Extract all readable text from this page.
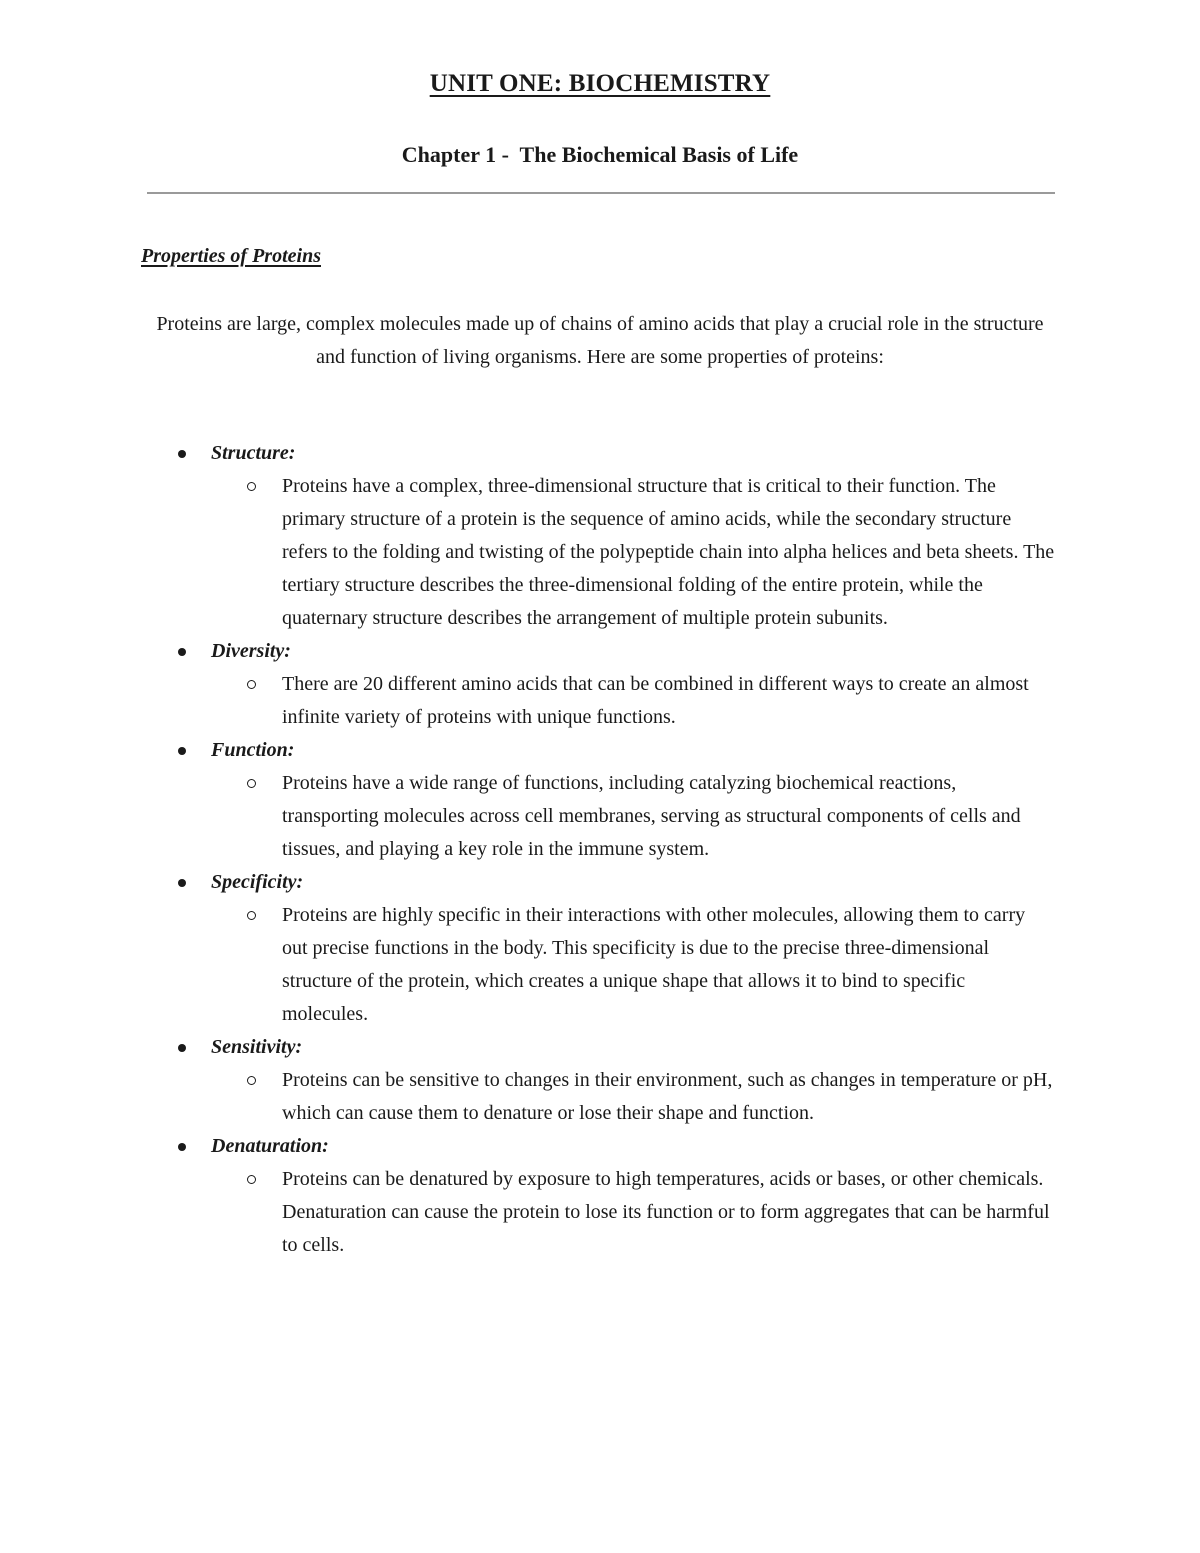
UNIT ONE: BIOCHEMISTRY
Chapter 1 -  The Biochemical Basis of Life
Properties of Proteins
Proteins are large, complex molecules made up of chains of amino acids that play a crucial role in the structure and function of living organisms. Here are some properties of proteins:
Structure:
Proteins have a complex, three-dimensional structure that is critical to their function. The primary structure of a protein is the sequence of amino acids, while the secondary structure refers to the folding and twisting of the polypeptide chain into alpha helices and beta sheets. The tertiary structure describes the three-dimensional folding of the entire protein, while the quaternary structure describes the arrangement of multiple protein subunits.
Diversity:
There are 20 different amino acids that can be combined in different ways to create an almost infinite variety of proteins with unique functions.
Function:
Proteins have a wide range of functions, including catalyzing biochemical reactions, transporting molecules across cell membranes, serving as structural components of cells and tissues, and playing a key role in the immune system.
Specificity:
Proteins are highly specific in their interactions with other molecules, allowing them to carry out precise functions in the body. This specificity is due to the precise three-dimensional structure of the protein, which creates a unique shape that allows it to bind to specific molecules.
Sensitivity:
Proteins can be sensitive to changes in their environment, such as changes in temperature or pH, which can cause them to denature or lose their shape and function.
Denaturation:
Proteins can be denatured by exposure to high temperatures, acids or bases, or other chemicals. Denaturation can cause the protein to lose its function or to form aggregates that can be harmful to cells.
